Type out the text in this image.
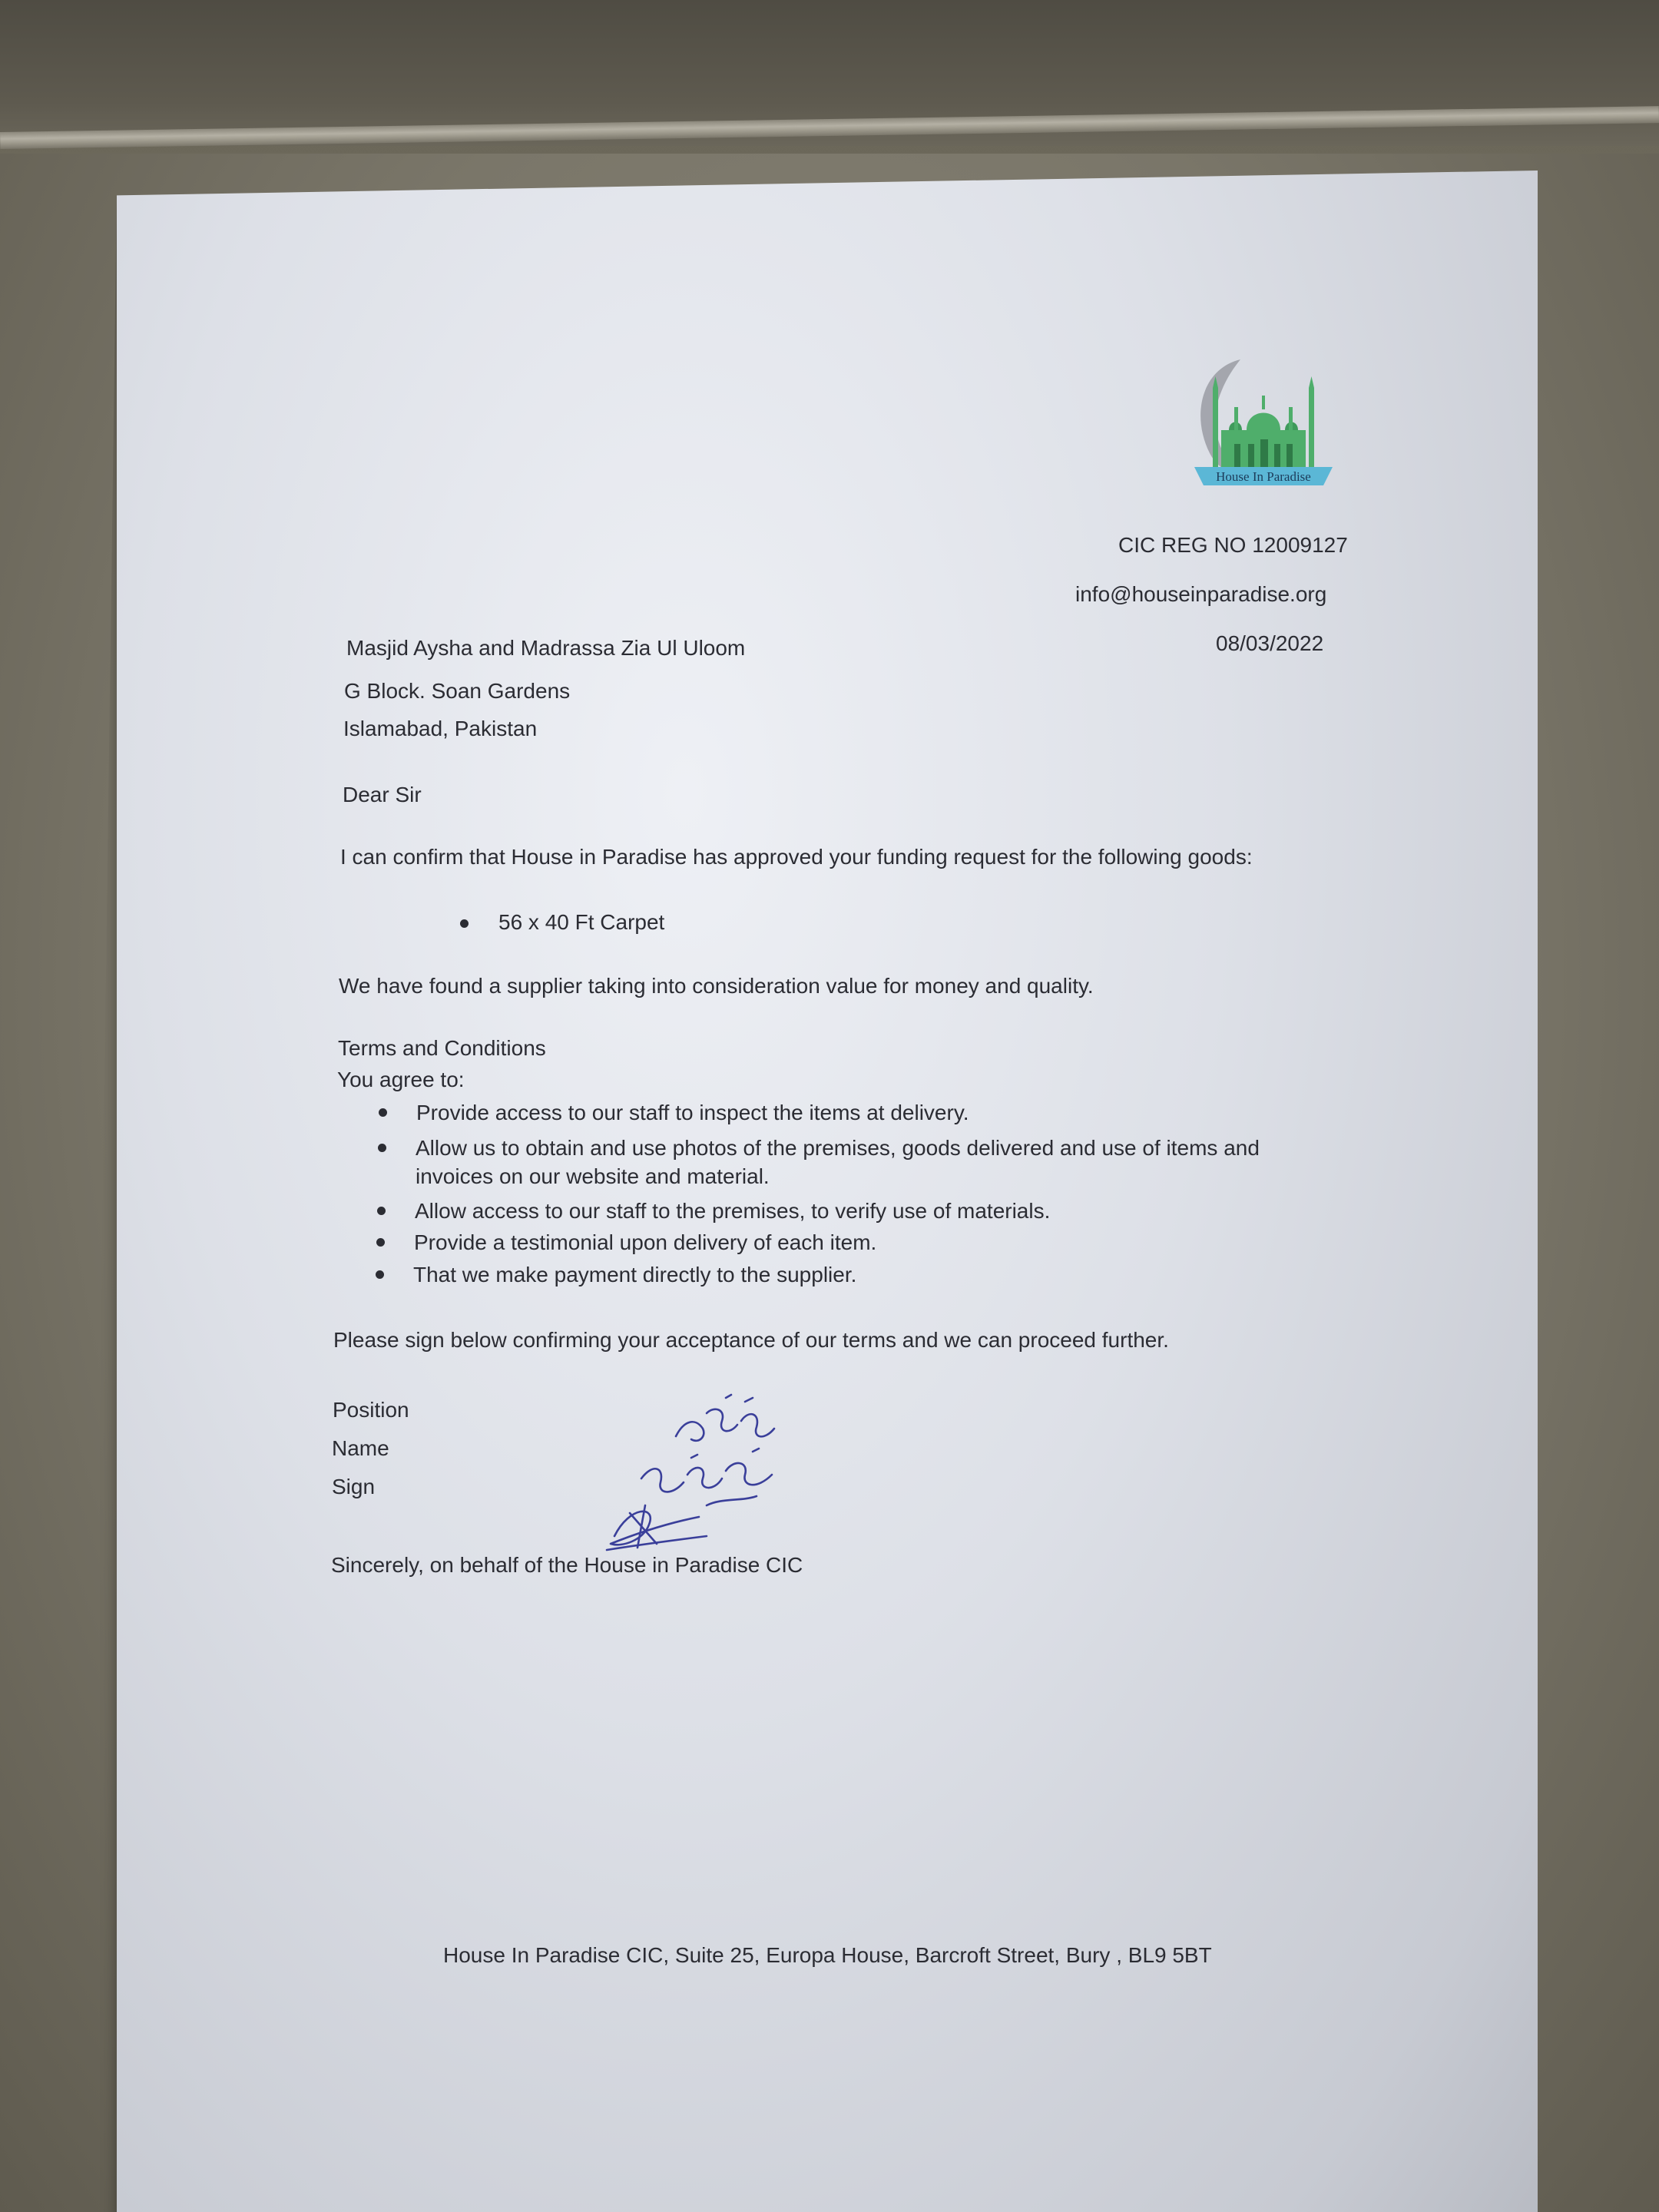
House In Paradise
CIC REG NO 12009127
info@houseinparadise.org
08/03/2022
Masjid Aysha and Madrassa Zia Ul Uloom
G Block. Soan Gardens
Islamabad, Pakistan
Dear Sir
I can confirm that House in Paradise has approved your funding request for the following goods:
56 x 40 Ft Carpet
We have found a supplier taking into consideration value for money and quality.
Terms and Conditions
You agree to:
Provide access to our staff to inspect the items at delivery.
Allow us to obtain and use photos of the premises, goods delivered and use of items and
invoices on our website and material.
Allow access to our staff to the premises, to verify use of materials.
Provide a testimonial upon delivery of each item.
That we make payment directly to the supplier.
Please sign below confirming your acceptance of our terms and we can proceed further.
Position
Name
Sign
Sincerely, on behalf of the House in Paradise CIC
House In Paradise CIC, Suite 25, Europa House, Barcroft Street, Bury , BL9 5BT
